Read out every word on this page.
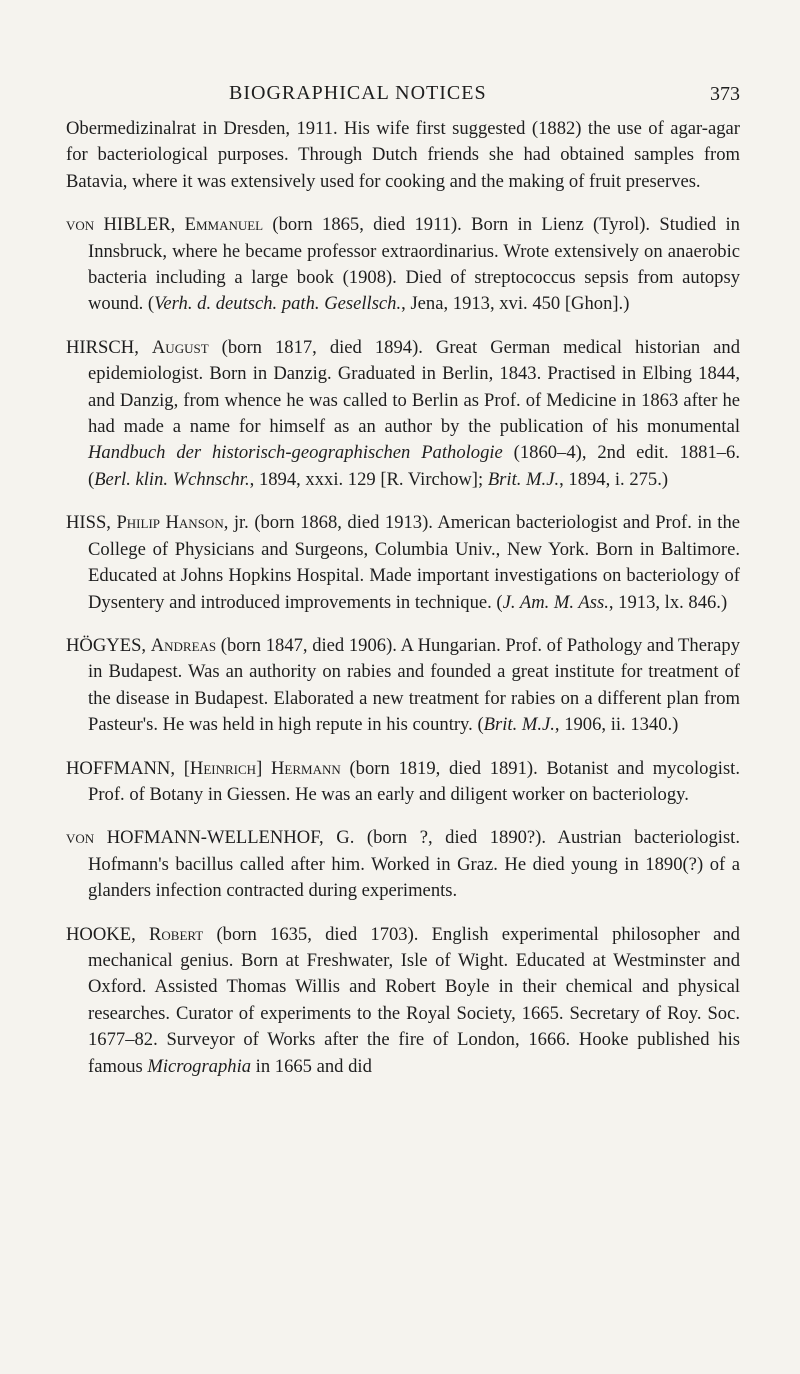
BIOGRAPHICAL NOTICES	373

Obermedizinalrat in Dresden, 1911. His wife first suggested (1882) the use of agar-agar for bacteriological purposes. Through Dutch friends she had obtained samples from Batavia, where it was extensively used for cooking and the making of fruit preserves.

von HIBLER, Emmanuel (born 1865, died 1911). Born in Lienz (Tyrol). Studied in Innsbruck, where he became professor extraordinarius. Wrote extensively on anaerobic bacteria including a large book (1908). Died of streptococcus sepsis from autopsy wound. (Verh. d. deutsch. path. Gesellsch., Jena, 1913, xvi. 450 [Ghon].)

HIRSCH, August (born 1817, died 1894). Great German medical historian and epidemiologist. Born in Danzig. Graduated in Berlin, 1843. Practised in Elbing 1844, and Danzig, from whence he was called to Berlin as Prof. of Medicine in 1863 after he had made a name for himself as an author by the publication of his monumental Handbuch der historisch-geographischen Pathologie (1860–4), 2nd edit. 1881–6. (Berl. klin. Wchnschr., 1894, xxxi. 129 [R. Virchow]; Brit. M.J., 1894, i. 275.)

HISS, Philip Hanson, jr. (born 1868, died 1913). American bacteriologist and Prof. in the College of Physicians and Surgeons, Columbia Univ., New York. Born in Baltimore. Educated at Johns Hopkins Hospital. Made important investigations on bacteriology of Dysentery and introduced improvements in technique. (J. Am. M. Ass., 1913, lx. 846.)

HÖGYES, Andreas (born 1847, died 1906). A Hungarian. Prof. of Pathology and Therapy in Budapest. Was an authority on rabies and founded a great institute for treatment of the disease in Budapest. Elaborated a new treatment for rabies on a different plan from Pasteur's. He was held in high repute in his country. (Brit. M.J., 1906, ii. 1340.)

HOFFMANN, [Heinrich] Hermann (born 1819, died 1891). Botanist and mycologist. Prof. of Botany in Giessen. He was an early and diligent worker on bacteriology.

von HOFMANN-WELLENHOF, G. (born ?, died 1890?). Austrian bacteriologist. Hofmann's bacillus called after him. Worked in Graz. He died young in 1890(?) of a glanders infection contracted during experiments.

HOOKE, Robert (born 1635, died 1703). English experimental philosopher and mechanical genius. Born at Freshwater, Isle of Wight. Educated at Westminster and Oxford. Assisted Thomas Willis and Robert Boyle in their chemical and physical researches. Curator of experiments to the Royal Society, 1665. Secretary of Roy. Soc. 1677–82. Surveyor of Works after the fire of London, 1666. Hooke published his famous Micrographia in 1665 and did
